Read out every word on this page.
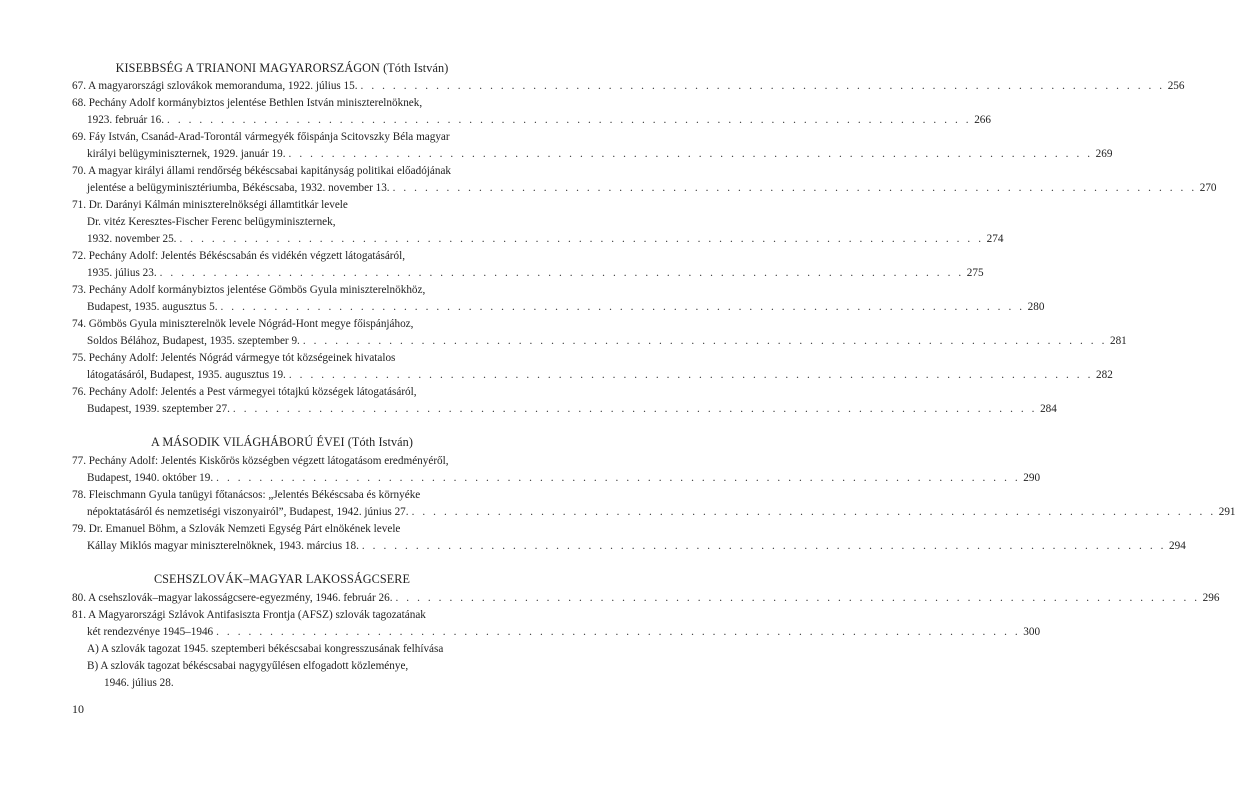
KISEBBSÉG A TRIANONI MAGYARORSZÁGON (Tóth István)
67. A magyarországi szlovákok memoranduma, 1922. július 15. . . . . . . . . . . . . . . . . . . . . . . . . . . . . . . . . . . . . . . . . . . . . . . . . . . . . . . . . . . . . . . . . . . . . . . . . . . . 256
68. Pechány Adolf kormánybiztos jelentése Bethlen István miniszterelnöknek,
1923. február 16. . . . . . . . . . . . . . . . . . . . . . . . . . . . . . . . . . . . . . . . . . . . . . . . . . . . . . . . . . . . . . . . . . . . . . . . . . . . 266
69. Fáy István, Csanád-Arad-Torontál vármegyék főispánja Scitovszky Béla magyar
királyi belügyminiszternek, 1929. január 19. . . . . . . . . . . . . . . . . . . . . . . . . . . . . . . . . . . . . . . . . . . . . . . . . . . . . . . . . . . . . . . . . . . . . . . . . . . . 269
70. A magyar királyi állami rendőrség békéscsabai kapitányság politikai előadójának
jelentése a belügyminisztériumba, Békéscsaba, 1932. november 13. . . . . . . . . . . . . . . . . . . . . . . . . . . . . . . . . . . . . . . . . . . . . . . . . . . . . . . . . . . . . . . . . . . . . . . . . . . . 270
71. Dr. Darányi Kálmán miniszterelnökségi államtitkár levele
Dr. vitéz Keresztes-Fischer Ferenc belügyminiszternek,
1932. november 25. . . . . . . . . . . . . . . . . . . . . . . . . . . . . . . . . . . . . . . . . . . . . . . . . . . . . . . . . . . . . . . . . . . . . . . . . . . . 274
72. Pechány Adolf: Jelentés Békéscsabán és vidékén végzett látogatásáról,
1935. július 23. . . . . . . . . . . . . . . . . . . . . . . . . . . . . . . . . . . . . . . . . . . . . . . . . . . . . . . . . . . . . . . . . . . . . . . . . . . . 275
73. Pechány Adolf kormánybiztos jelentése Gömbös Gyula miniszterelnökhöz,
Budapest, 1935. augusztus 5. . . . . . . . . . . . . . . . . . . . . . . . . . . . . . . . . . . . . . . . . . . . . . . . . . . . . . . . . . . . . . . . . . . . . . . . . . . . 280
74. Gömbös Gyula miniszterelnök levele Nógrád-Hont megye főispánjához,
Soldos Bélához, Budapest, 1935. szeptember 9. . . . . . . . . . . . . . . . . . . . . . . . . . . . . . . . . . . . . . . . . . . . . . . . . . . . . . . . . . . . . . . . . . . . . . . . . . . . 281
75. Pechány Adolf: Jelentés Nógrád vármegye tót községeinek hivatalos
látogatásáról, Budapest, 1935. augusztus 19. . . . . . . . . . . . . . . . . . . . . . . . . . . . . . . . . . . . . . . . . . . . . . . . . . . . . . . . . . . . . . . . . . . . . . . . . . . . 282
76. Pechány Adolf: Jelentés a Pest vármegyei tótajkú községek látogatásáról,
Budapest, 1939. szeptember 27. . . . . . . . . . . . . . . . . . . . . . . . . . . . . . . . . . . . . . . . . . . . . . . . . . . . . . . . . . . . . . . . . . . . . . . . . . . . 284
A MÁSODIK VILÁGHÁBORÚ ÉVEI (Tóth István)
77. Pechány Adolf: Jelentés Kiskőrös községben végzett látogatásom eredményéről,
Budapest, 1940. október 19. . . . . . . . . . . . . . . . . . . . . . . . . . . . . . . . . . . . . . . . . . . . . . . . . . . . . . . . . . . . . . . . . . . . . . . . . . . . 290
78. Fleischmann Gyula tanügyi főtanácsos: „Jelentés Békéscsaba és környéke
népoktatásáról és nemzetiségi viszonyairól”, Budapest, 1942. június 27. . . . . . . . . . . . . . . . . . . . . . . . . . . . . . . . . . . . . . . . . . . . . . . . . . . . . . . . . . . . . . . . . . . . . . . . . . . . 291
79. Dr. Emanuel Böhm, a Szlovák Nemzeti Egység Párt elnökének levele
Kállay Miklós magyar miniszterelnöknek, 1943. március 18. . . . . . . . . . . . . . . . . . . . . . . . . . . . . . . . . . . . . . . . . . . . . . . . . . . . . . . . . . . . . . . . . . . . . . . . . . . . 294
CSEHSZLOVÁK–MAGYAR LAKOSSÁGCSERE
80. A csehszlovák–magyar lakosságcsere-egyezmény, 1946. február 26. . . . . . . . . . . . . . . . . . . . . . . . . . . . . . . . . . . . . . . . . . . . . . . . . . . . . . . . . . . . . . . . . . . . . . . . . . . . 296
81. A Magyarországi Szlávok Antifasiszta Frontja (AFSZ) szlovák tagozatának
két rendezvénye 1945–1946 . . . . . . . . . . . . . . . . . . . . . . . . . . . . . . . . . . . . . . . . . . . . . . . . . . . . . . . . . . . . . . . . . . . . . . . . . . . 300
A) A szlovák tagozat 1945. szeptemberi békéscsabai kongresszusának felhívása
B) A szlovák tagozat békéscsabai nagygyűlésen elfogadott közleménye,
1946. július 28.
10
